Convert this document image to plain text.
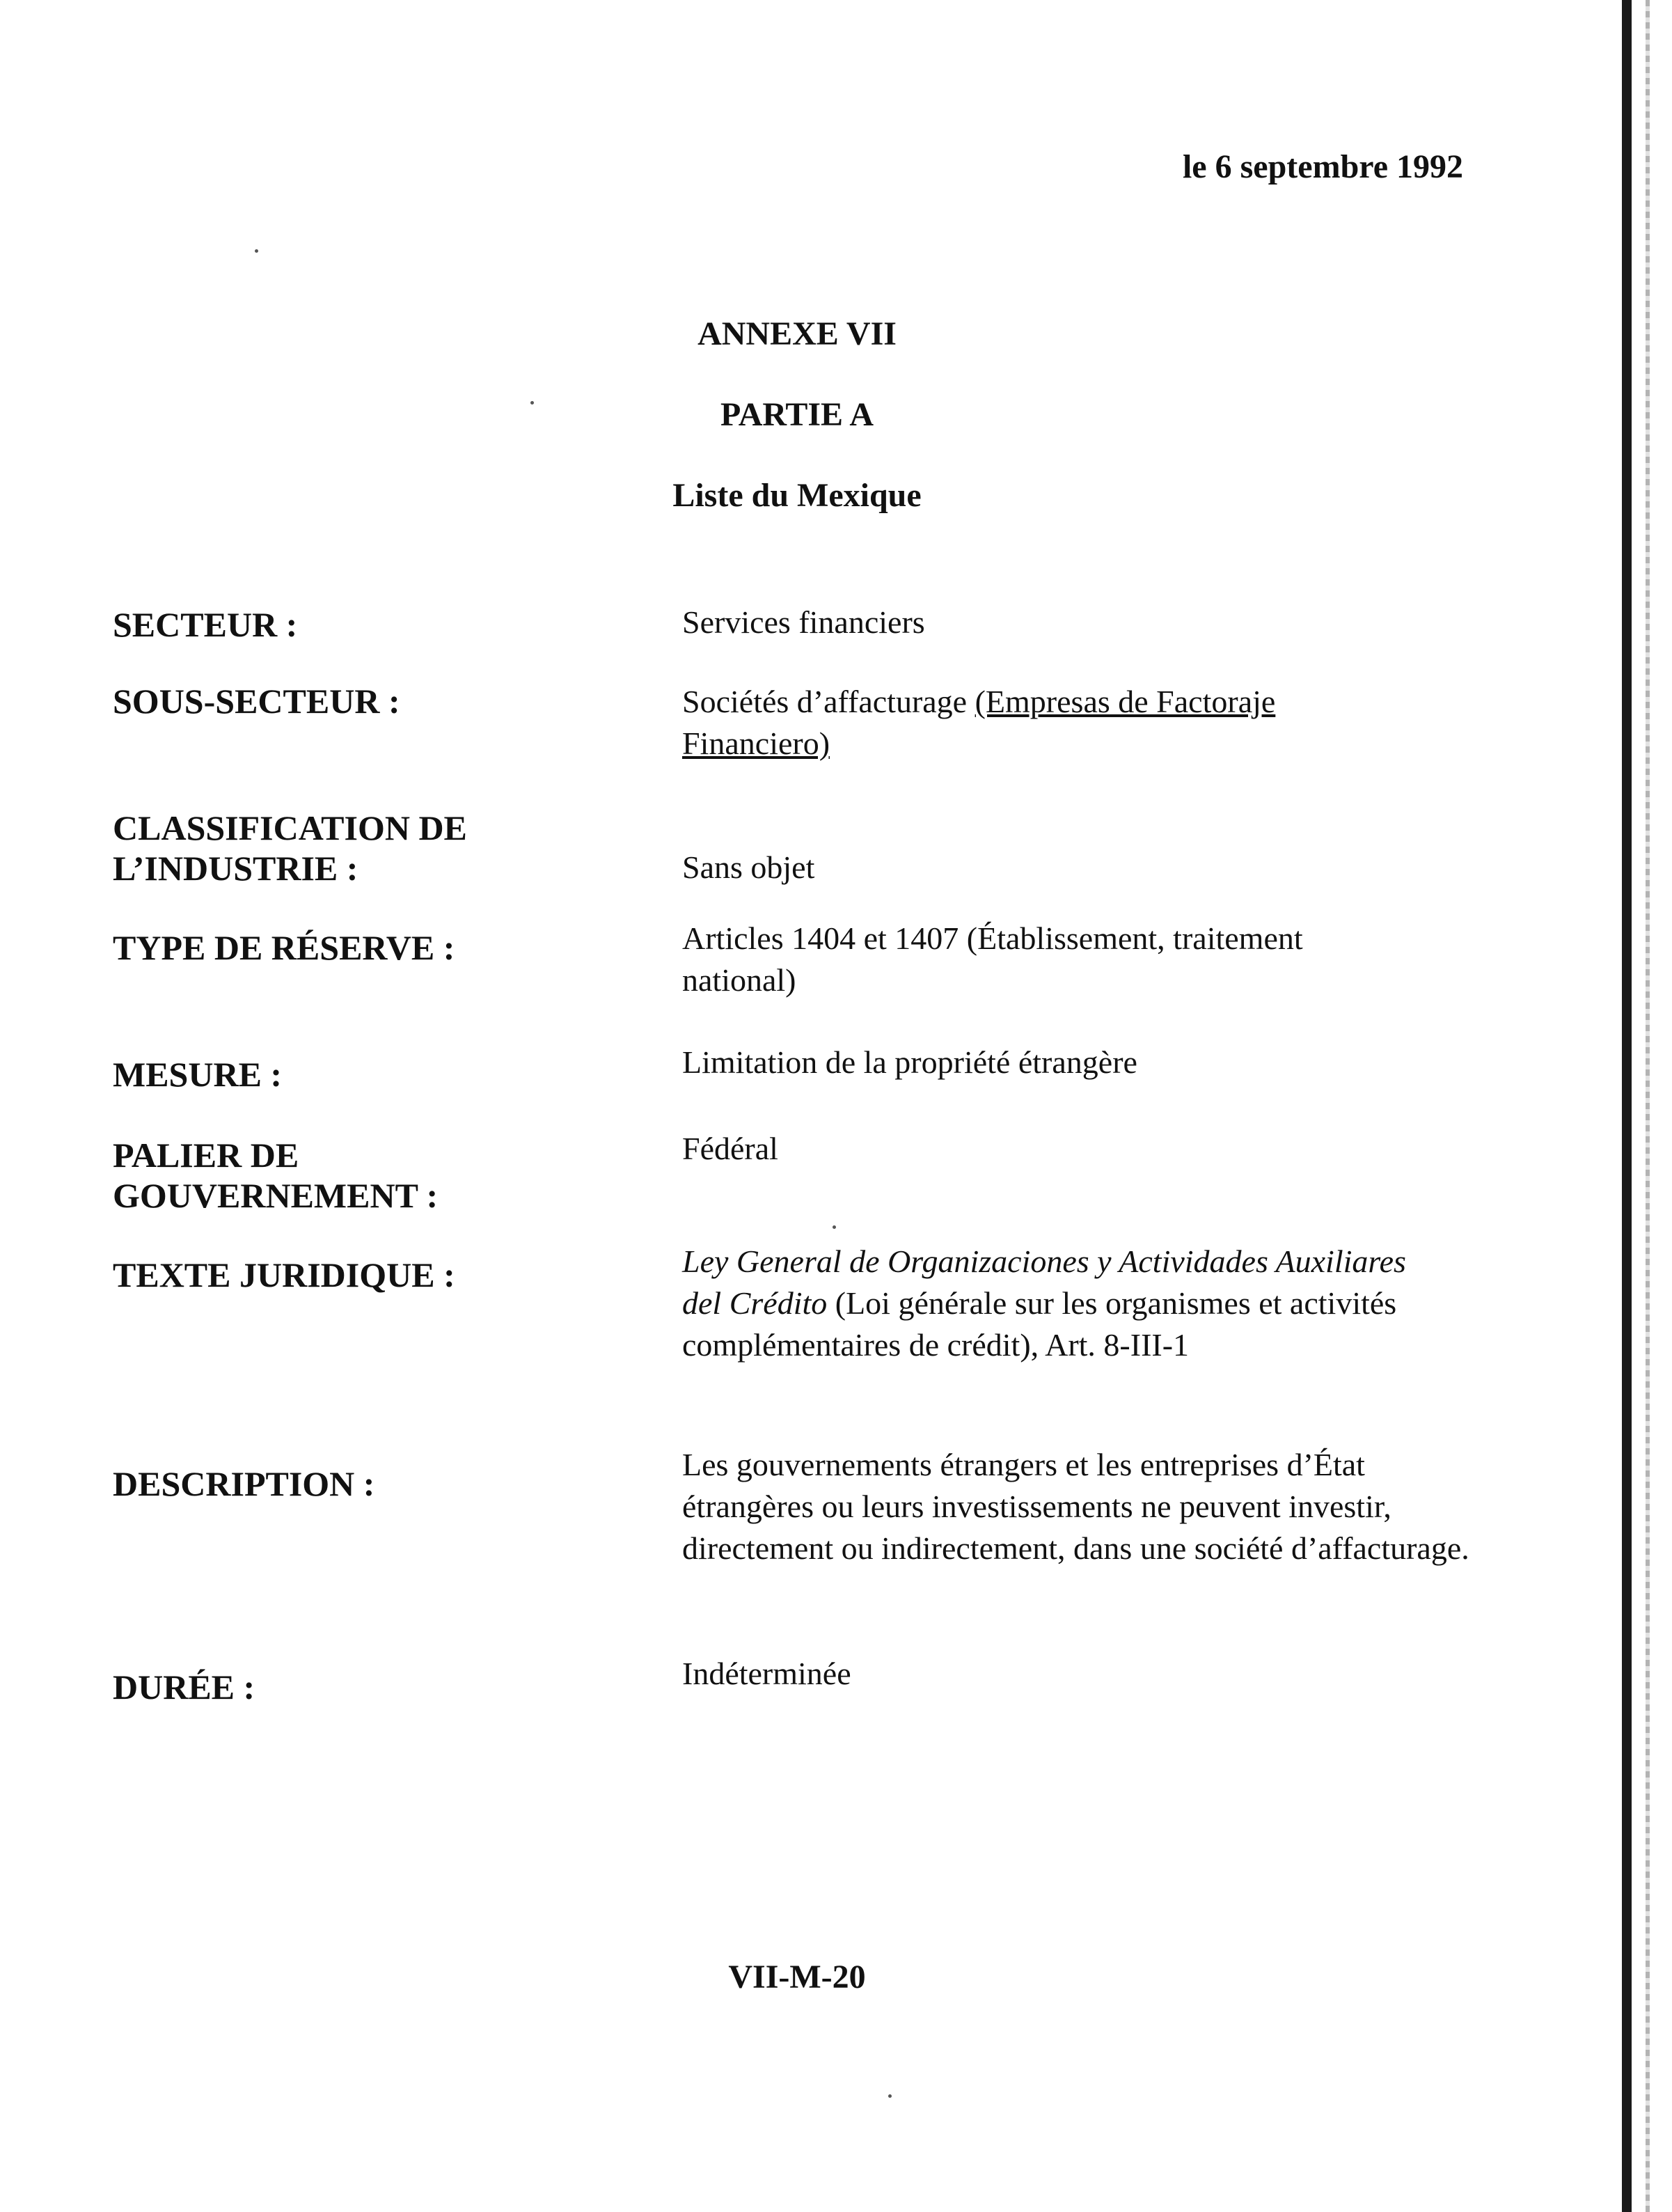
le 6 septembre 1992
ANNEXE VII
PARTIE A
Liste du Mexique
SECTEUR :	Services financiers
SOUS-SECTEUR :	Sociétés d’affacturage (Empresas de Factoraje Financiero)
CLASSIFICATION DE
L’INDUSTRIE :	Sans objet
TYPE DE RÉSERVE :	Articles 1404 et 1407 (Établissement, traitement national)
MESURE :	Limitation de la propriété étrangère
PALIER DE
GOUVERNEMENT :
Fédéral
TEXTE JURIDIQUE :	Ley General de Organizaciones y Actividades Auxiliares del Crédito (Loi générale sur les organismes et activités complémentaires de crédit), Art. 8-III-1
DESCRIPTION :	Les gouvernements étrangers et les entreprises d’État étrangères ou leurs investissements ne peuvent investir, directement ou indirectement, dans une société d’affacturage.
DURÉE :	Indéterminée
VII-M-20
